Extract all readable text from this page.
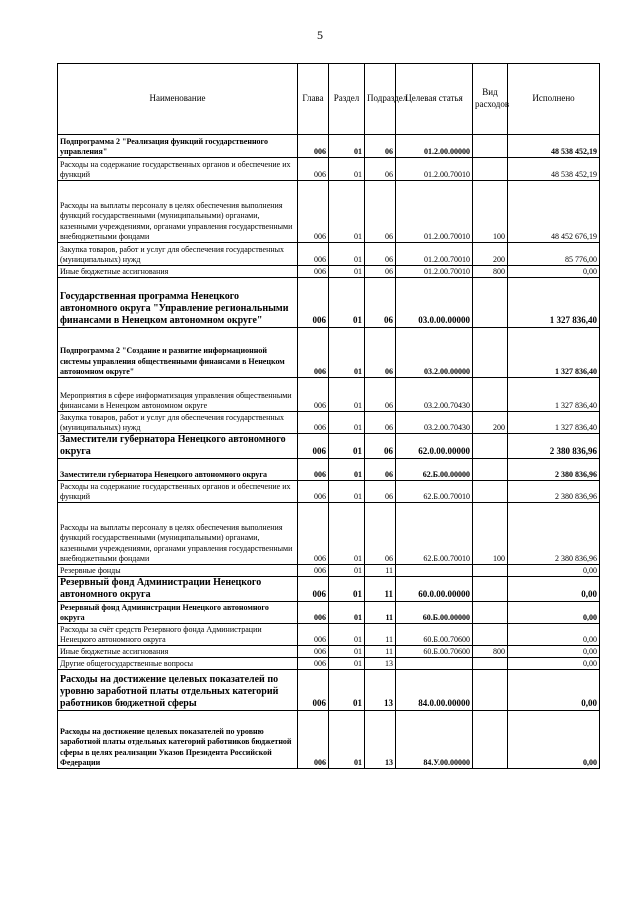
5
Наименование	Глава	Раздел	Подраздел	Целевая статья	Вид расходов	Исполнено
Подпрограмма 2 "Реализация функций государственного управления"	006	01	06	01.2.00.00000		48 538 452,19
Расходы на содержание государственных органов и обеспечение их функций	006	01	06	01.2.00.70010		48 538 452,19
Расходы на выплаты персоналу в целях обеспечения выполнения функций государственными (муниципальными) органами, казенными учреждениями, органами управления государственными внебюджетными фондами	006	01	06	01.2.00.70010	100	48 452 676,19
Закупка товаров, работ и услуг для обеспечения государственных (муниципальных) нужд	006	01	06	01.2.00.70010	200	85 776,00
Иные бюджетные ассигнования	006	01	06	01.2.00.70010	800	0,00
Государственная программа Ненецкого автономного округа "Управление региональными финансами в Ненецком автономном округе"	006	01	06	03.0.00.00000		1 327 836,40
Подпрограмма 2 "Создание и развитие информационной системы управления общественными финансами в Ненецком автономном округе"	006	01	06	03.2.00.00000		1 327 836,40
Мероприятия в сфере информатизация управления общественными финансами в Ненецком автономном округе	006	01	06	03.2.00.70430		1 327 836,40
Закупка товаров, работ и услуг для обеспечения государственных (муниципальных) нужд	006	01	06	03.2.00.70430	200	1 327 836,40
Заместители губернатора Ненецкого автономного округа	006	01	06	62.0.00.00000		2 380 836,96
Заместители губернатора Ненецкого автономного округа	006	01	06	62.Б.00.00000		2 380 836,96
Расходы на содержание государственных органов и обеспечение их функций	006	01	06	62.Б.00.70010		2 380 836,96
Расходы на выплаты персоналу в целях обеспечения выполнения функций государственными (муниципальными) органами, казенными учреждениями, органами управления государственными внебюджетными фондами	006	01	06	62.Б.00.70010	100	2 380 836,96
Резервные фонды	006	01	11			0,00
Резервный фонд Администрации Ненецкого автономного округа	006	01	11	60.0.00.00000		0,00
Резервный фонд Администрации Ненецкого автономного округа	006	01	11	60.Б.00.00000		0,00
Расходы за счёт средств Резервного фонда Администрации Ненецкого автономного округа	006	01	11	60.Б.00.70600		0,00
Иные бюджетные ассигнования	006	01	11	60.Б.00.70600	800	0,00
Другие общегосударственные вопросы	006	01	13			0,00
Расходы на достижение целевых показателей по уровню заработной платы отдельных категорий работников бюджетной сферы	006	01	13	84.0.00.00000		0,00
Расходы на достижение целевых показателей по уровню заработной платы отдельных категорий работников бюджетной сферы в целях реализации Указов Президента Российской Федерации	006	01	13	84.У.00.00000		0,00
